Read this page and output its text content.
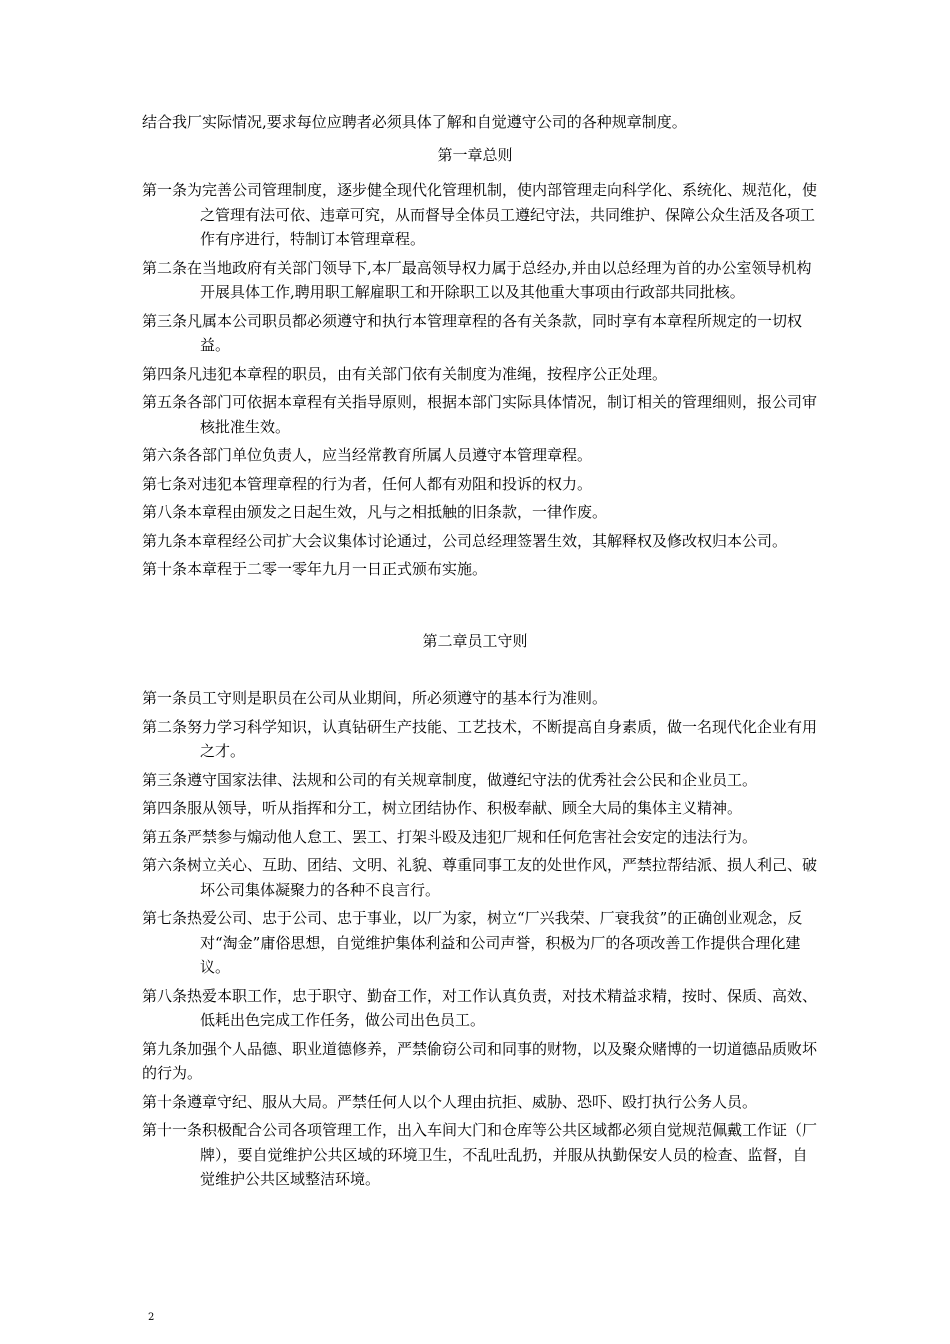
结合我厂实际情况,要求每位应聘者必须具体了解和自觉遵守公司的各种规章制度。
第一章总则

第一条为完善公司管理制度，逐步健全现代化管理机制，使内部管理走向科学化、系统化、规范化，使之管理有法可依、违章可究，从而督导全体员工遵纪守法，共同维护、保障公众生活及各项工作有序进行，特制订本管理章程。

第二条在当地政府有关部门领导下,本厂最高领导权力属于总经办,并由以总经理为首的办公室领导机构开展具体工作,聘用职工解雇职工和开除职工以及其他重大事项由行政部共同批核。

第三条凡属本公司职员都必须遵守和执行本管理章程的各有关条款，同时享有本章程所规定的一切权益。

第四条凡违犯本章程的职员，由有关部门依有关制度为准绳，按程序公正处理。

第五条各部门可依据本章程有关指导原则，根据本部门实际具体情况，制订相关的管理细则，报公司审核批准生效。

第六条各部门单位负责人，应当经常教育所属人员遵守本管理章程。

第七条对违犯本管理章程的行为者，任何人都有劝阻和投诉的权力。

第八条本章程由颁发之日起生效，凡与之相抵触的旧条款，一律作废。

第九条本章程经公司扩大会议集体讨论通过，公司总经理签署生效，其解释权及修改权归本公司。

第十条本章程于二零一零年九月一日正式颁布实施。

第二章员工守则

第一条员工守则是职员在公司从业期间，所必须遵守的基本行为准则。

第二条努力学习科学知识，认真钻研生产技能、工艺技术，不断提高自身素质，做一名现代化企业有用之才。

第三条遵守国家法律、法规和公司的有关规章制度，做遵纪守法的优秀社会公民和企业员工。

第四条服从领导，听从指挥和分工，树立团结协作、积极奉献、顾全大局的集体主义精神。

第五条严禁参与煽动他人怠工、罢工、打架斗殴及违犯厂规和任何危害社会安定的违法行为。

第六条树立关心、互助、团结、文明、礼貌、尊重同事工友的处世作风，严禁拉帮结派、损人利己、破坏公司集体凝聚力的各种不良言行。

第七条热爱公司、忠于公司、忠于事业，以厂为家，树立“厂兴我荣、厂衰我贫”的正确创业观念，反对“淘金”庸俗思想，自觉维护集体利益和公司声誉，积极为厂的各项改善工作提供合理化建议。

第八条热爱本职工作，忠于职守、勤奋工作，对工作认真负责，对技术精益求精，按时、保质、高效、低耗出色完成工作任务，做公司出色员工。

第九条加强个人品德、职业道德修养，严禁偷窃公司和同事的财物，以及聚众赌博的一切道德品质败坏的行为。

第十条遵章守纪、服从大局。严禁任何人以个人理由抗拒、威胁、恐吓、殴打执行公务人员。

第十一条积极配合公司各项管理工作，出入车间大门和仓库等公共区域都必须自觉规范佩戴工作证（厂牌），要自觉维护公共区域的环境卫生，不乱吐乱扔，并服从执勤保安人员的检查、监督，自觉维护公共区域整洁环境。

2
